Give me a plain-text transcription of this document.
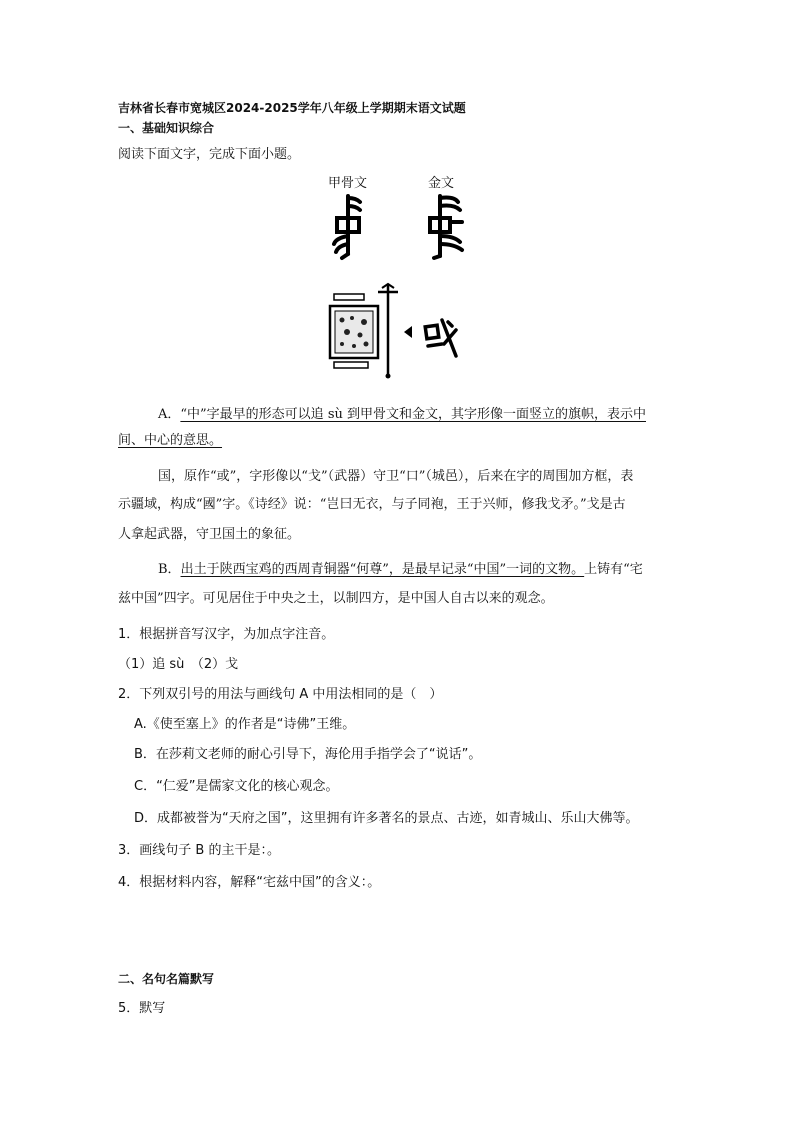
吉林省长春市宽城区2024-2025学年八年级上学期期末语文试题
一、基础知识综合
阅读下面文字，完成下面小题。
甲骨文	金文
A．“中”字最早的形态可以追 sù 到甲骨文和金文，其字形像一面竖立的旗帜，表示中
间、中心的意思。
国，原作“或”，字形像以“戈”（武器）守卫“口”（城邑），后来在字的周围加方框，表
示疆域，构成“國”字。《诗经》说：“岂曰无衣，与子同袍，王于兴师，修我戈矛。”戈是古
人拿起武器，守卫国土的象征。
B．出土于陕西宝鸡的西周青铜器“何尊”，是最早记录“中国”一词的文物。上铸有“宅
兹中国”四字。可见居住于中央之土，以制四方，是中国人自古以来的观念。
1．根据拼音写汉字，为加点字注音。
（1）追 sù　（2）戈
2．下列双引号的用法与画线句 A 中用法相同的是（　）
A.《使至塞上》的作者是“诗佛”王维。
B．在莎莉文老师的耐心引导下，海伦用手指学会了“说话”。
C．“仁爱”是儒家文化的核心观念。
D．成都被誉为“天府之国”，这里拥有许多著名的景点、古迹，如青城山、乐山大佛等。
3．画线句子 B 的主干是：。
4．根据材料内容，解释“宅兹中国”的含义：。
二、名句名篇默写
5．默写
